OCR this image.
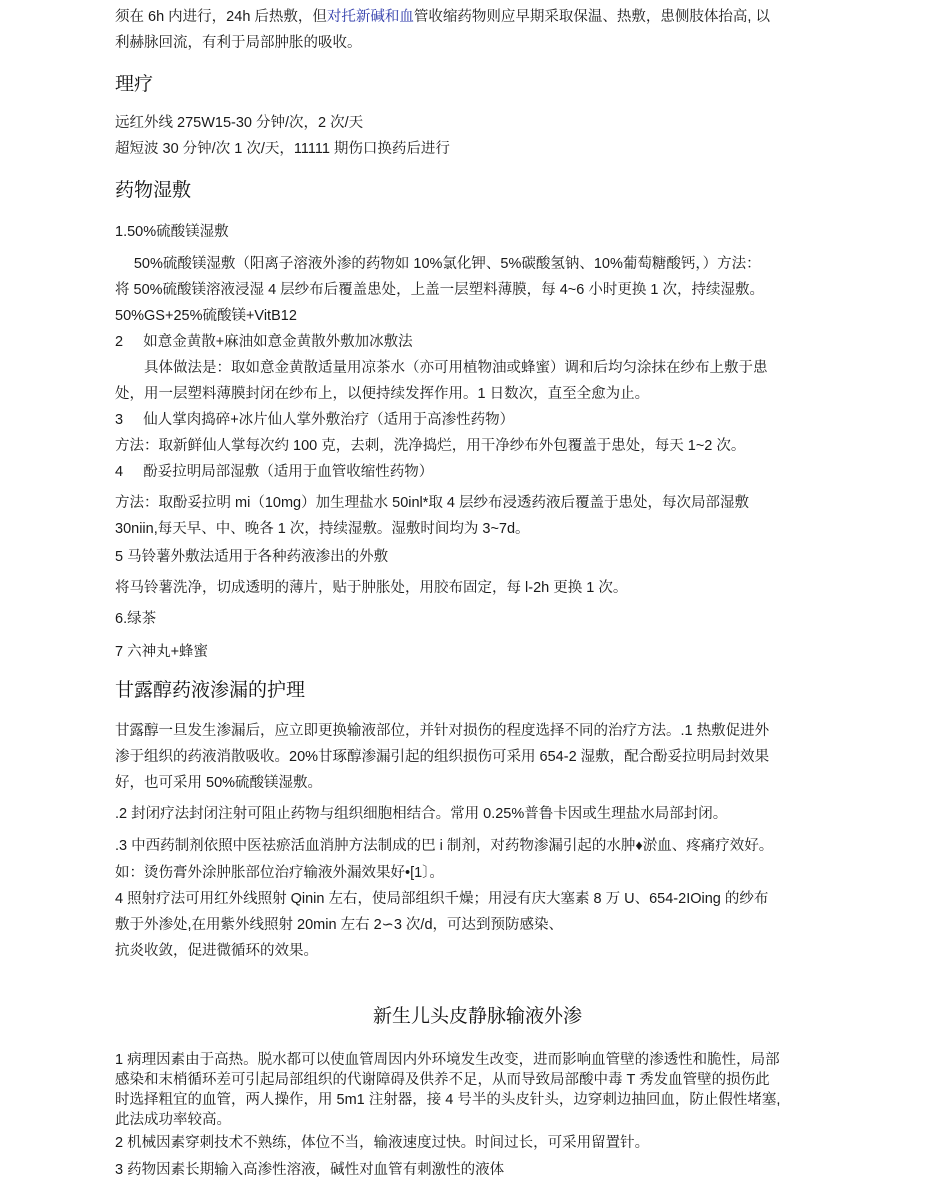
须在 6h 内进行，24h 后热敷，但对托新碱和血管收缩药物则应早期采取保温、热敷，患侧肢体抬高, 以

利赫脉回流，有利于局部肿胀的吸收。

理疗

远红外线 275W15-30 分钟/次，2 次/天

超短波 30 分钟/次 1 次/天，11111 期伤口换药后进行

药物湿敷

1.50%硫酸镁湿敷

50%硫酸镁湿敷（阳离子溶液外渗的药物如 10%氯化钾、5%碳酸氢钠、10%葡萄糖酸钙，）方法：

将 50%硫酸镁溶液浸湿 4 层纱布后覆盖患处，上盖一层塑料薄膜，每 4~6 小时更换 1 次，持续湿敷。

50%GS+25%硫酸镁+VitB12

2     如意金黄散+麻油如意金黄散外敷加冰敷法

具体做法是：取如意金黄散适量用凉茶水（亦可用植物油或蜂蜜）调和后均匀涂抹在纱布上敷于患

处，用一层塑料薄膜封闭在纱布上，以便持续发挥作用。1 日数次，直至全愈为止。

3     仙人掌肉捣碎+冰片仙人掌外敷治疗（适用于高渗性药物）

方法：取新鲜仙人掌每次约 100 克，去刺，洗净捣烂，用干净纱布外包覆盖于患处，每天 1~2 次。

4     酚妥拉明局部湿敷（适用于血管收缩性药物）

方法：取酚妥拉明 mi（10mg）加生理盐水 50inl*取 4 层纱布浸透药液后覆盖于患处，每次局部湿敷

30niin,每天早、中、晚各 1 次，持续湿敷。湿敷时间均为 3~7d。

5 马铃薯外敷法适用于各种药液渗出的外敷

将马铃薯洗净，切成透明的薄片，贴于肿胀处，用胶布固定，每 l-2h 更换 1 次。

6.绿茶

7 六神丸+蜂蜜

甘露醇药液渗漏的护理

甘露醇一旦发生渗漏后，应立即更换输液部位，并针对损伤的程度选择不同的治疗方法。.1 热敷促进外

渗于组织的药液消散吸收。20%甘琢醇渗漏引起的组织损伤可采用 654-2 湿敷，配合酚妥拉明局封效果

好，也可采用 50%硫酸镁湿敷。

.2 封闭疗法封闭注射可阻止药物与组织细胞相结合。常用 0.25%普鲁卡因或生理盐水局部封闭。

.3 中西药制剂依照中医祛瘀活血消肿方法制成的巴 i 制剂，对药物渗漏引起的水肿♦淤血、疼痛疗效好。

如：烫伤膏外涂肿胀部位治疗输液外漏效果好•[1〕。

4 照射疗法可用红外线照射 Qinin 左右，使局部组织千燥；用浸有庆大塞素 8 万 U、654-2IOing 的纱布

敷于外渗处,在用紫外线照射 20min 左右 2∽3 次/d，可达到预防感染、

抗炎收敛，促进微循环的效果。

新生儿头皮静脉输液外渗

1 病理因素由于高热。脱水都可以使血管周因内外环境发生改变，进而影响血管壁的渗透性和脆性，局部

感染和末梢循环差可引起局部组织的代谢障碍及供养不足，从而导致局部酸中毒 T 秀发血管壁的损伤此

时选择粗宜的血管，两人操作，用 5m1 注射器，接 4 号半的头皮针头，边穿刺边抽回血，防止假性堵塞,

此法成功率较高。

2 机械因素穿刺技术不熟练，体位不当，输液速度过快。时间过长，可采用留置针。

3 药物因素长期输入高渗性溶液，碱性对血管有刺激性的液体
